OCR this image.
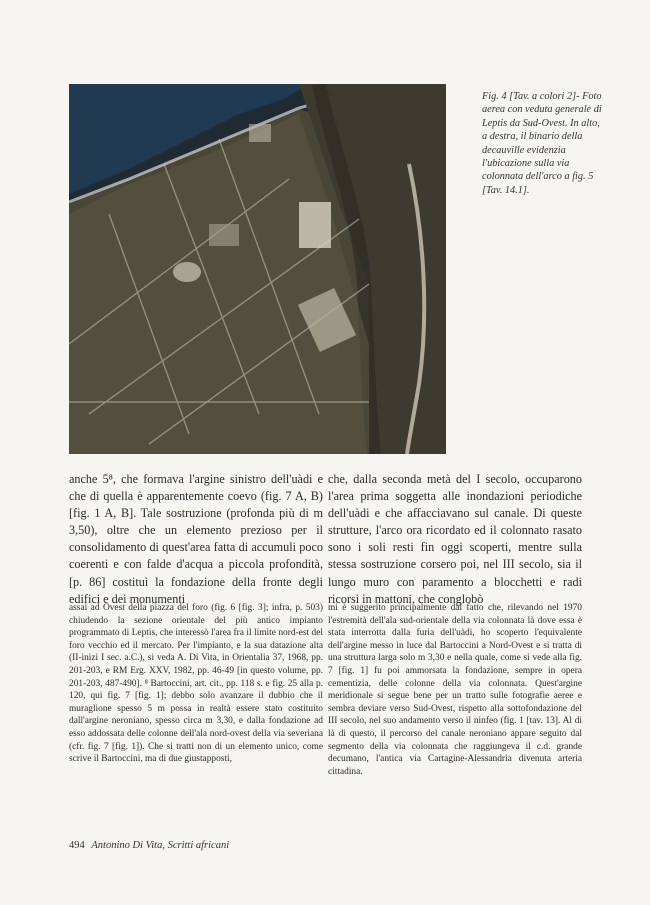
Fig. 4 [Tav. a colori 2]- Foto aerea con veduta generale di Leptis da Sud-Ovest. In alto, a destra, il binario della decauville evidenzia l'ubicazione sulla via colonnata dell'arco a fig. 5 [Tav. 14.1].

anche 5⁸, che formava l'argine sinistro dell'uàdi e che di quella è apparentemente coevo (fig. 7 A, B) [fig. 1 A, B]. Tale sostruzione (profonda più di m 3,50), oltre che un elemento prezioso per il consolidamento di quest'area fatta di accumuli poco coerenti e con falde d'acqua a piccola profondità, [p. 86] costituì la fondazione della fronte degli edifici e dei monumenti

che, dalla seconda metà del I secolo, occuparono l'area prima soggetta alle inondazioni periodiche dell'uàdi e che affacciavano sul canale. Di queste strutture, l'arco ora ricordato ed il colonnato rasato sono i soli resti fin oggi scoperti, mentre sulla stessa sostruzione corsero poi, nel III secolo, sia il lungo muro con paramento a blocchetti e radi ricorsi in mattoni, che conglobò

assai ad Ovest della piazza del foro (fig. 6 [fig. 3]; infra, p. 503) chiudendo la sezione orientale del più antico impianto programmato di Leptis, che interessò l'area fra il limite nord-est del foro vecchio ed il mercato. Per l'impianto, e la sua datazione alta (II-inizi I sec. a.C.), si veda A. Di Vita, in Orientalia 37, 1968, pp. 201-203, e RM Erg. XXV, 1982, pp. 46-49 [in questo volume, pp. 201-203, 487-490]. ⁸ Bartoccini, art. cit., pp. 118 s. e fig. 25 alla p. 120, qui fig. 7 [fig. 1]; debbo solo avanzare il dubbio che il muraglione spesso 5 m possa in realtà essere stato costituito dall'argine neroniano, spesso circa m 3,30, e dalla fondazione ad esso addossata delle colonne dell'ala nord-ovest della via severiana (cfr. fig. 7 [fig. 1]). Che si tratti non di un elemento unico, come scrive il Bartoccini, ma di due giustapposti,

mi è suggerito principalmente dal fatto che, rilevando nel 1970 l'estremità dell'ala sud-orientale della via colonnata là dove essa è stata interrotta dalla furia dell'uàdi, ho scoperto l'equivalente dell'argine messo in luce dal Bartoccini a Nord-Ovest e si tratta di una struttura larga solo m 3,30 e nella quale, come si vede alla fig. 7 [fig. 1] fu poi ammorsata la fondazione, sempre in opera cementizia, delle colonne della via colonnata. Quest'argine meridionale si segue bene per un tratto sulle fotografie aeree e sembra deviare verso Sud-Ovest, rispetto alla sottofondazione del III secolo, nel suo andamento verso il ninfeo (fig. 1 [tav. 13]. Al di là di questo, il percorso del canale neroniano appare seguito dal segmento della via colonnata che raggiungeva il c.d. grande decumano, l'antica via Cartagine-Alessandria divenuta arteria cittadina.

494 Antonino Di Vita, Scritti africani
